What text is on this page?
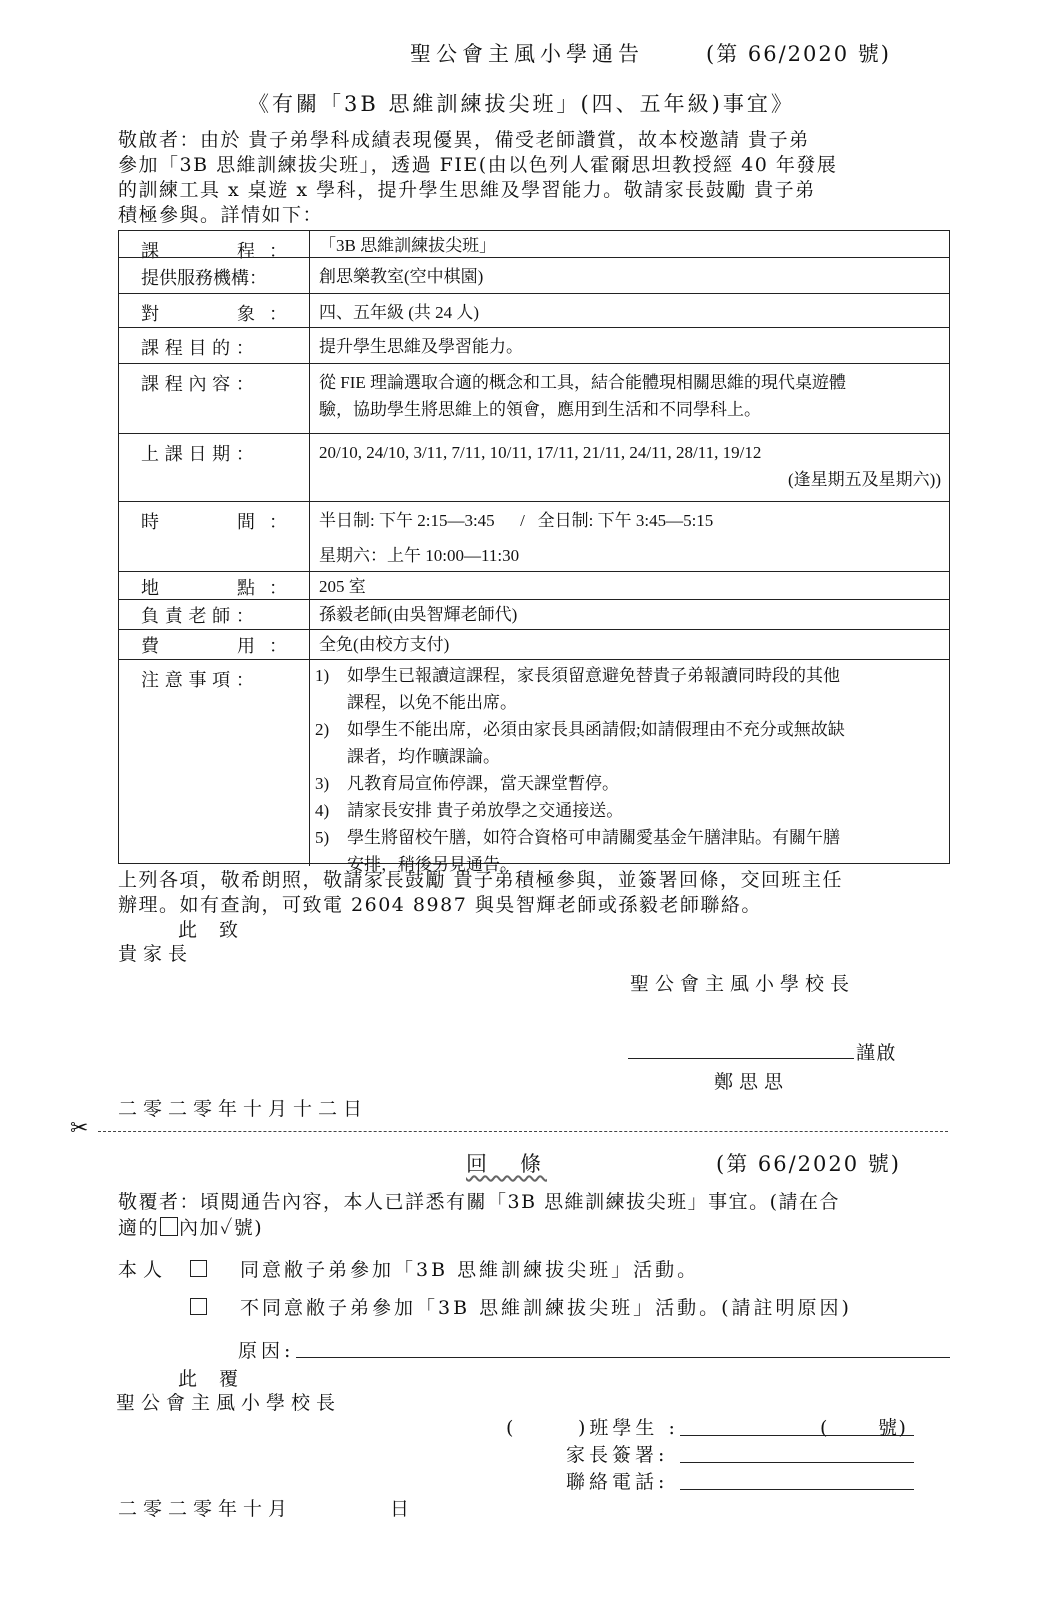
聖公會主風小學通告	(第 66/2020 號)
《有關「3B 思維訓練拔尖班」(四、五年級)事宜》
敬啟者：由於 貴子弟學科成績表現優異，備受老師讚賞，故本校邀請 貴子弟
參加「3B 思維訓練拔尖班」，透過 FIE(由以色列人霍爾思坦教授經 40 年發展
的訓練工具 x 桌遊 x 學科，提升學生思維及學習能力。敬請家長鼓勵 貴子弟
積極參與。詳情如下：
課	程 ： 「3B 思維訓練拔尖班」
提供服務機構：	創思樂教室(空中棋園)
對	象 ： 四、五年級 (共 24 人)
課 程 目 的 ：	提升學生思維及學習能力。
課 程 內 容 ：	從 FIE 理論選取合適的概念和工具，結合能體現相關思維的現代桌遊體

驗，協助學生將思維上的領會，應用到生活和不同學科上。

上 課 日 期 ：	20/10, 24/10, 3/11, 7/11, 10/11, 17/11, 21/11, 24/11, 28/11, 19/12

(逢星期五及星期六))

時	間 ： 半日制: 下午 2:15—3:45      /   全日制: 下午 3:45—5:15

星期六：上午 10:00—11:30

地	點 ： 205 室
負 責 老 師 ：	孫毅老師(由吳智輝老師代)
費	用 ： 全免(由校方支付)
注 意 事 項 ：	1) 如學生已報讀這課程，家長須留意避免替貴子弟報讀同時段的其他

課程，以免不能出席。

2) 如學生不能出席，必須由家長具函請假;如請假理由不充分或無故缺

課者，均作曠課論。

3) 凡教育局宣佈停課，當天課堂暫停。

4) 請家長安排 貴子弟放學之交通接送。

5) 學生將留校午膳，如符合資格可申請關愛基金午膳津貼。有關午膳

安排，稍後另見通告。

上列各項，敬希朗照，敬請家長鼓勵 貴子弟積極參與，並簽署回條，交回班主任
辦理。如有查詢，可致電 2604 8987 與吳智輝老師或孫毅老師聯絡。
此　致
貴家長
聖公會主風小學校長
謹啟
鄭思思
二零二零年十月十二日
✂
回　條	(第 66/2020 號)
敬覆者：頃閱通告內容，本人已詳悉有關「3B 思維訓練拔尖班」事宜。(請在合
適的 內加✓號)
本人	同意敝子弟參加「3B 思維訓練拔尖班」活動。
不同意敝子弟參加「3B 思維訓練拔尖班」活動。(請註明原因)
原因:
此　覆
聖公會主風小學校長
(	)班學生 :	(	號)
家長簽署:
聯絡電話:
二零二零年十月	日
